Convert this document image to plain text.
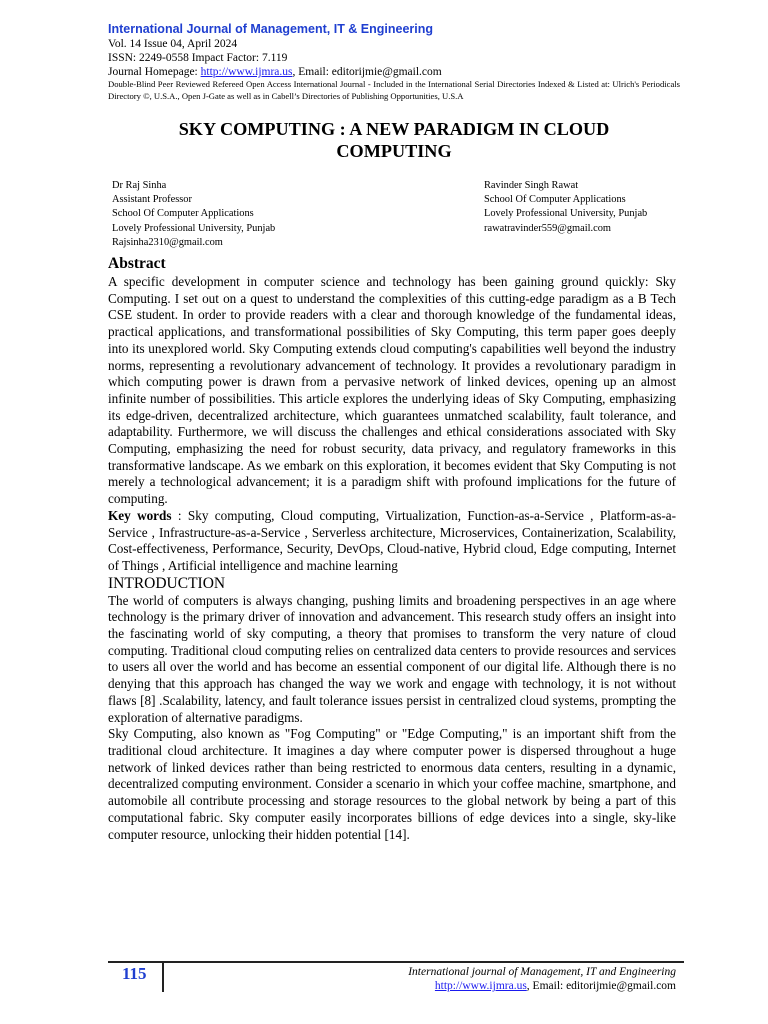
International Journal of Management, IT & Engineering
Vol. 14 Issue 04, April 2024
ISSN: 2249-0558 Impact Factor: 7.119
Journal Homepage: http://www.ijmra.us, Email: editorijmie@gmail.com
Double-Blind Peer Reviewed Refereed Open Access International Journal - Included in the International Serial Directories Indexed & Listed at: Ulrich's Periodicals Directory ©, U.S.A., Open J-Gate as well as in Cabell’s Directories of Publishing Opportunities, U.S.A
SKY COMPUTING : A NEW PARADIGM IN CLOUD
COMPUTING
Dr Raj Sinha
Assistant Professor
School Of Computer Applications
Lovely Professional University, Punjab
Rajsinha2310@gmail.com
Ravinder Singh Rawat
School Of Computer Applications
Lovely Professional University, Punjab
rawatravinder559@gmail.com
Abstract

A specific development in computer science and technology has been gaining ground quickly: Sky Computing. I set out on a quest to understand the complexities of this cutting-edge paradigm as a B Tech CSE student. In order to provide readers with a clear and thorough knowledge of the fundamental ideas, practical applications, and transformational possibilities of Sky Computing, this term paper goes deeply into its unexplored world. Sky Computing extends cloud computing's capabilities well beyond the industry norms, representing a revolutionary advancement of technology. It provides a revolutionary paradigm in which computing power is drawn from a pervasive network of linked devices, opening up an almost infinite number of possibilities. This article explores the underlying ideas of Sky Computing, emphasizing its edge-driven, decentralized architecture, which guarantees unmatched scalability, fault tolerance, and adaptability. Furthermore, we will discuss the challenges and ethical considerations associated with Sky Computing, emphasizing the need for robust security, data privacy, and regulatory frameworks in this transformative landscape. As we embark on this exploration, it becomes evident that Sky Computing is not merely a technological advancement; it is a paradigm shift with profound implications for the future of computing.

Key words : Sky computing, Cloud computing, Virtualization, Function-as-a-Service , Platform-as-a-Service , Infrastructure-as-a-Service , Serverless architecture, Microservices, Containerization, Scalability, Cost-effectiveness, Performance, Security, DevOps, Cloud-native, Hybrid cloud, Edge computing, Internet of Things , Artificial intelligence and machine learning

INTRODUCTION

The world of computers is always changing, pushing limits and broadening perspectives in an age where technology is the primary driver of innovation and advancement. This research study offers an insight into the fascinating world of sky computing, a theory that promises to transform the very nature of cloud computing. Traditional cloud computing relies on centralized data centers to provide resources and services to users all over the world and has become an essential component of our digital life. Although there is no denying that this approach has changed the way we work and engage with technology, it is not without flaws [8] .Scalability, latency, and fault tolerance issues persist in centralized cloud systems, prompting the exploration of alternative paradigms.

Sky Computing, also known as "Fog Computing" or "Edge Computing," is an important shift from the traditional cloud architecture. It imagines a day where computer power is dispersed throughout a huge network of linked devices rather than being restricted to enormous data centers, resulting in a dynamic, decentralized computing environment. Consider a scenario in which your coffee machine, smartphone, and automobile all contribute processing and storage resources to the global network by being a part of this computational fabric. Sky computer easily incorporates billions of edge devices into a single, sky-like computer resource, unlocking their hidden potential [14].

115	International journal of Management, IT and Engineering
http://www.ijmra.us, Email: editorijmie@gmail.com
